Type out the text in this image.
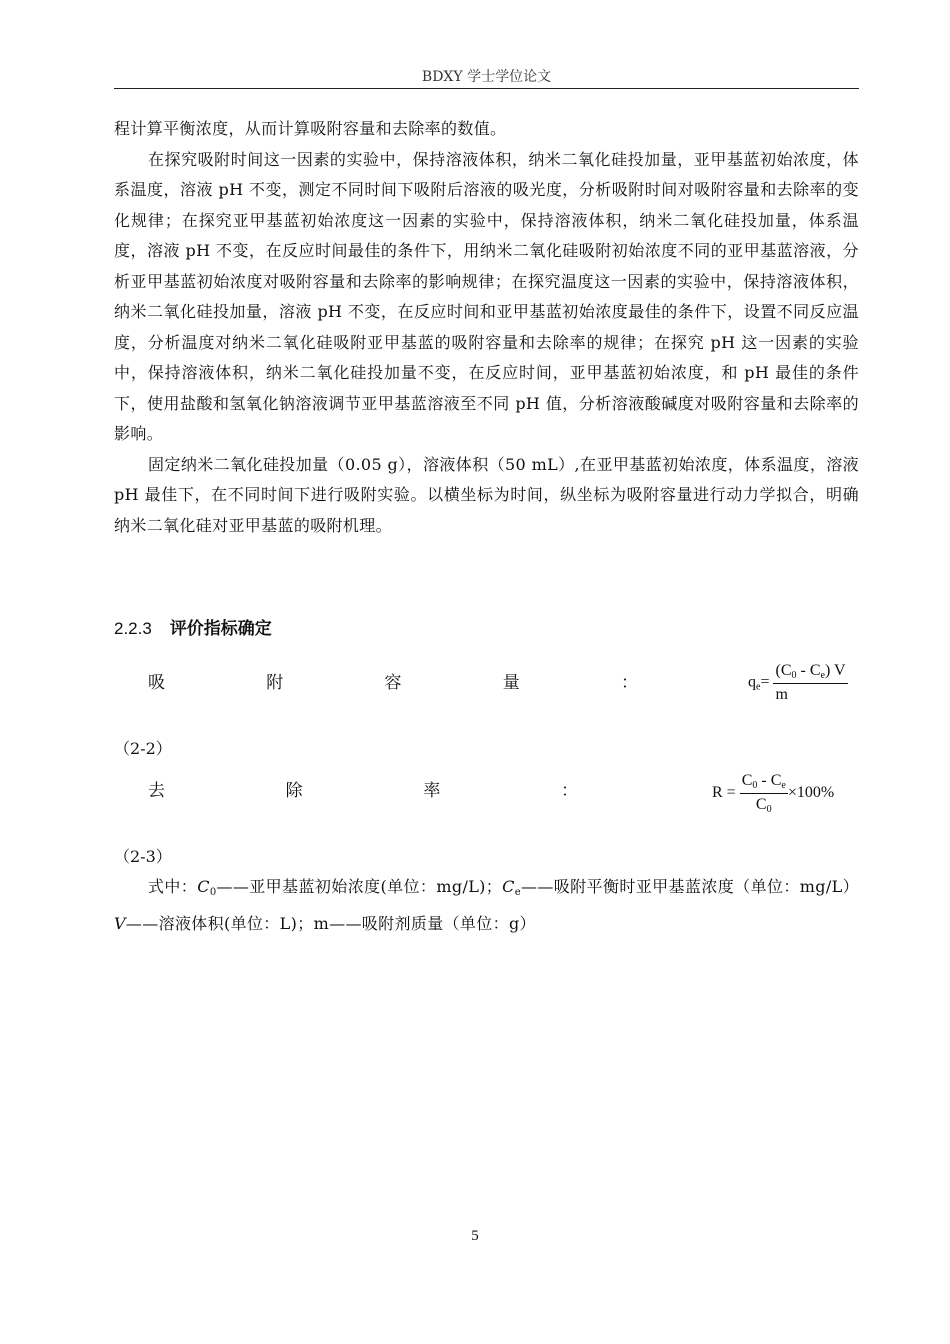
BDXY 学士学位论文

程计算平衡浓度，从而计算吸附容量和去除率的数值。

在探究吸附时间这一因素的实验中，保持溶液体积，纳米二氧化硅投加量，亚甲基蓝初始浓度，体系温度，溶液 pH 不变，测定不同时间下吸附后溶液的吸光度，分析吸附时间对吸附容量和去除率的变化规律；在探究亚甲基蓝初始浓度这一因素的实验中，保持溶液体积，纳米二氧化硅投加量，体系温度，溶液 pH 不变，在反应时间最佳的条件下，用纳米二氧化硅吸附初始浓度不同的亚甲基蓝溶液，分析亚甲基蓝初始浓度对吸附容量和去除率的影响规律；在探究温度这一因素的实验中，保持溶液体积，纳米二氧化硅投加量，溶液 pH 不变，在反应时间和亚甲基蓝初始浓度最佳的条件下，设置不同反应温度，分析温度对纳米二氧化硅吸附亚甲基蓝的吸附容量和去除率的规律；在探究 pH 这一因素的实验中，保持溶液体积，纳米二氧化硅投加量不变，在反应时间，亚甲基蓝初始浓度，和 pH 最佳的条件下，使用盐酸和氢氧化钠溶液调节亚甲基蓝溶液至不同 pH 值，分析溶液酸碱度对吸附容量和去除率的影响。

固定纳米二氧化硅投加量（0.05 g），溶液体积（50 mL）,在亚甲基蓝初始浓度，体系温度，溶液 pH 最佳下，在不同时间下进行吸附实验。以横坐标为时间，纵坐标为吸附容量进行动力学拟合，明确纳米二氧化硅对亚甲基蓝的吸附机理。

2.2.3 评价指标确定
吸	附	容	量	：	$q_e= \frac{(C_0 - C_e) V}{m}$
（2-2）
去	除	率	：	$R = \frac{C_0 - C_e}{C_0} \times 100\%$
（2-3）

式中：$C_0——$亚甲基蓝初始浓度(单位：mg/L)；$C_e——$吸附平衡时亚甲基蓝浓度（单位：mg/L）V——溶液体积(单位：L)；m——吸附剂质量（单位：g）

5
